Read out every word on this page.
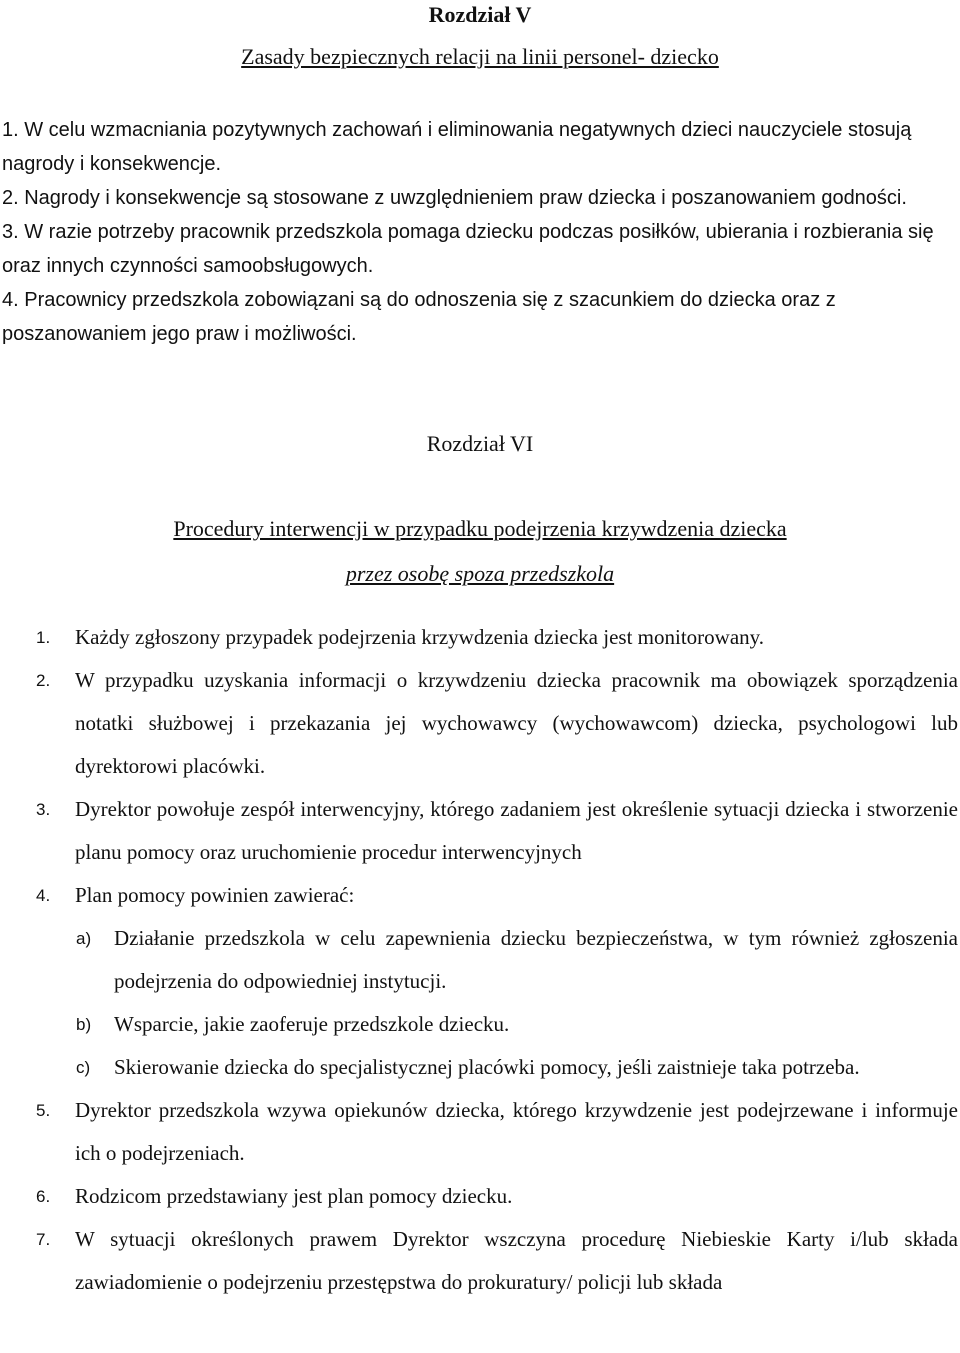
Rozdział V
Zasady bezpiecznych relacji na linii personel- dziecko

1. W celu wzmacniania pozytywnych zachowań i eliminowania negatywnych dzieci nauczyciele stosują nagrody i konsekwencje.

2. Nagrody i konsekwencje są stosowane z uwzględnieniem praw dziecka i poszanowaniem godności.

3. W razie potrzeby pracownik przedszkola pomaga dziecku podczas posiłków, ubierania i rozbierania się oraz innych czynności samoobsługowych.

4. Pracownicy przedszkola zobowiązani są do odnoszenia się z szacunkiem do dziecka oraz z poszanowaniem jego praw i możliwości.

Rozdział VI
Procedury interwencji w przypadku podejrzenia krzywdzenia dziecka
przez osobę spoza przedszkola

1. Każdy zgłoszony przypadek podejrzenia krzywdzenia dziecka jest monitorowany.

2. W przypadku uzyskania informacji o krzywdzeniu dziecka pracownik ma obowiązek sporządzenia notatki służbowej i przekazania jej wychowawcy (wychowawcom) dziecka, psychologowi lub dyrektorowi placówki.

3. Dyrektor powołuje zespół interwencyjny, którego zadaniem jest określenie sytuacji dziecka i stworzenie planu pomocy oraz uruchomienie procedur interwencyjnych

4. Plan pomocy powinien zawierać:

a) Działanie przedszkola w celu zapewnienia dziecku bezpieczeństwa, w tym również zgłoszenia podejrzenia do odpowiedniej instytucji.

b) Wsparcie, jakie zaoferuje przedszkole dziecku.

c) Skierowanie dziecka do specjalistycznej placówki pomocy, jeśli zaistnieje taka potrzeba.

5. Dyrektor przedszkola wzywa opiekunów dziecka, którego krzywdzenie jest podejrzewane i informuje ich o podejrzeniach.

6. Rodzicom przedstawiany jest plan pomocy dziecku.

7. W sytuacji określonych prawem Dyrektor wszczyna procedurę Niebieskie Karty i/lub składa zawiadomienie o podejrzeniu przestępstwa do prokuratury/ policji lub składa
